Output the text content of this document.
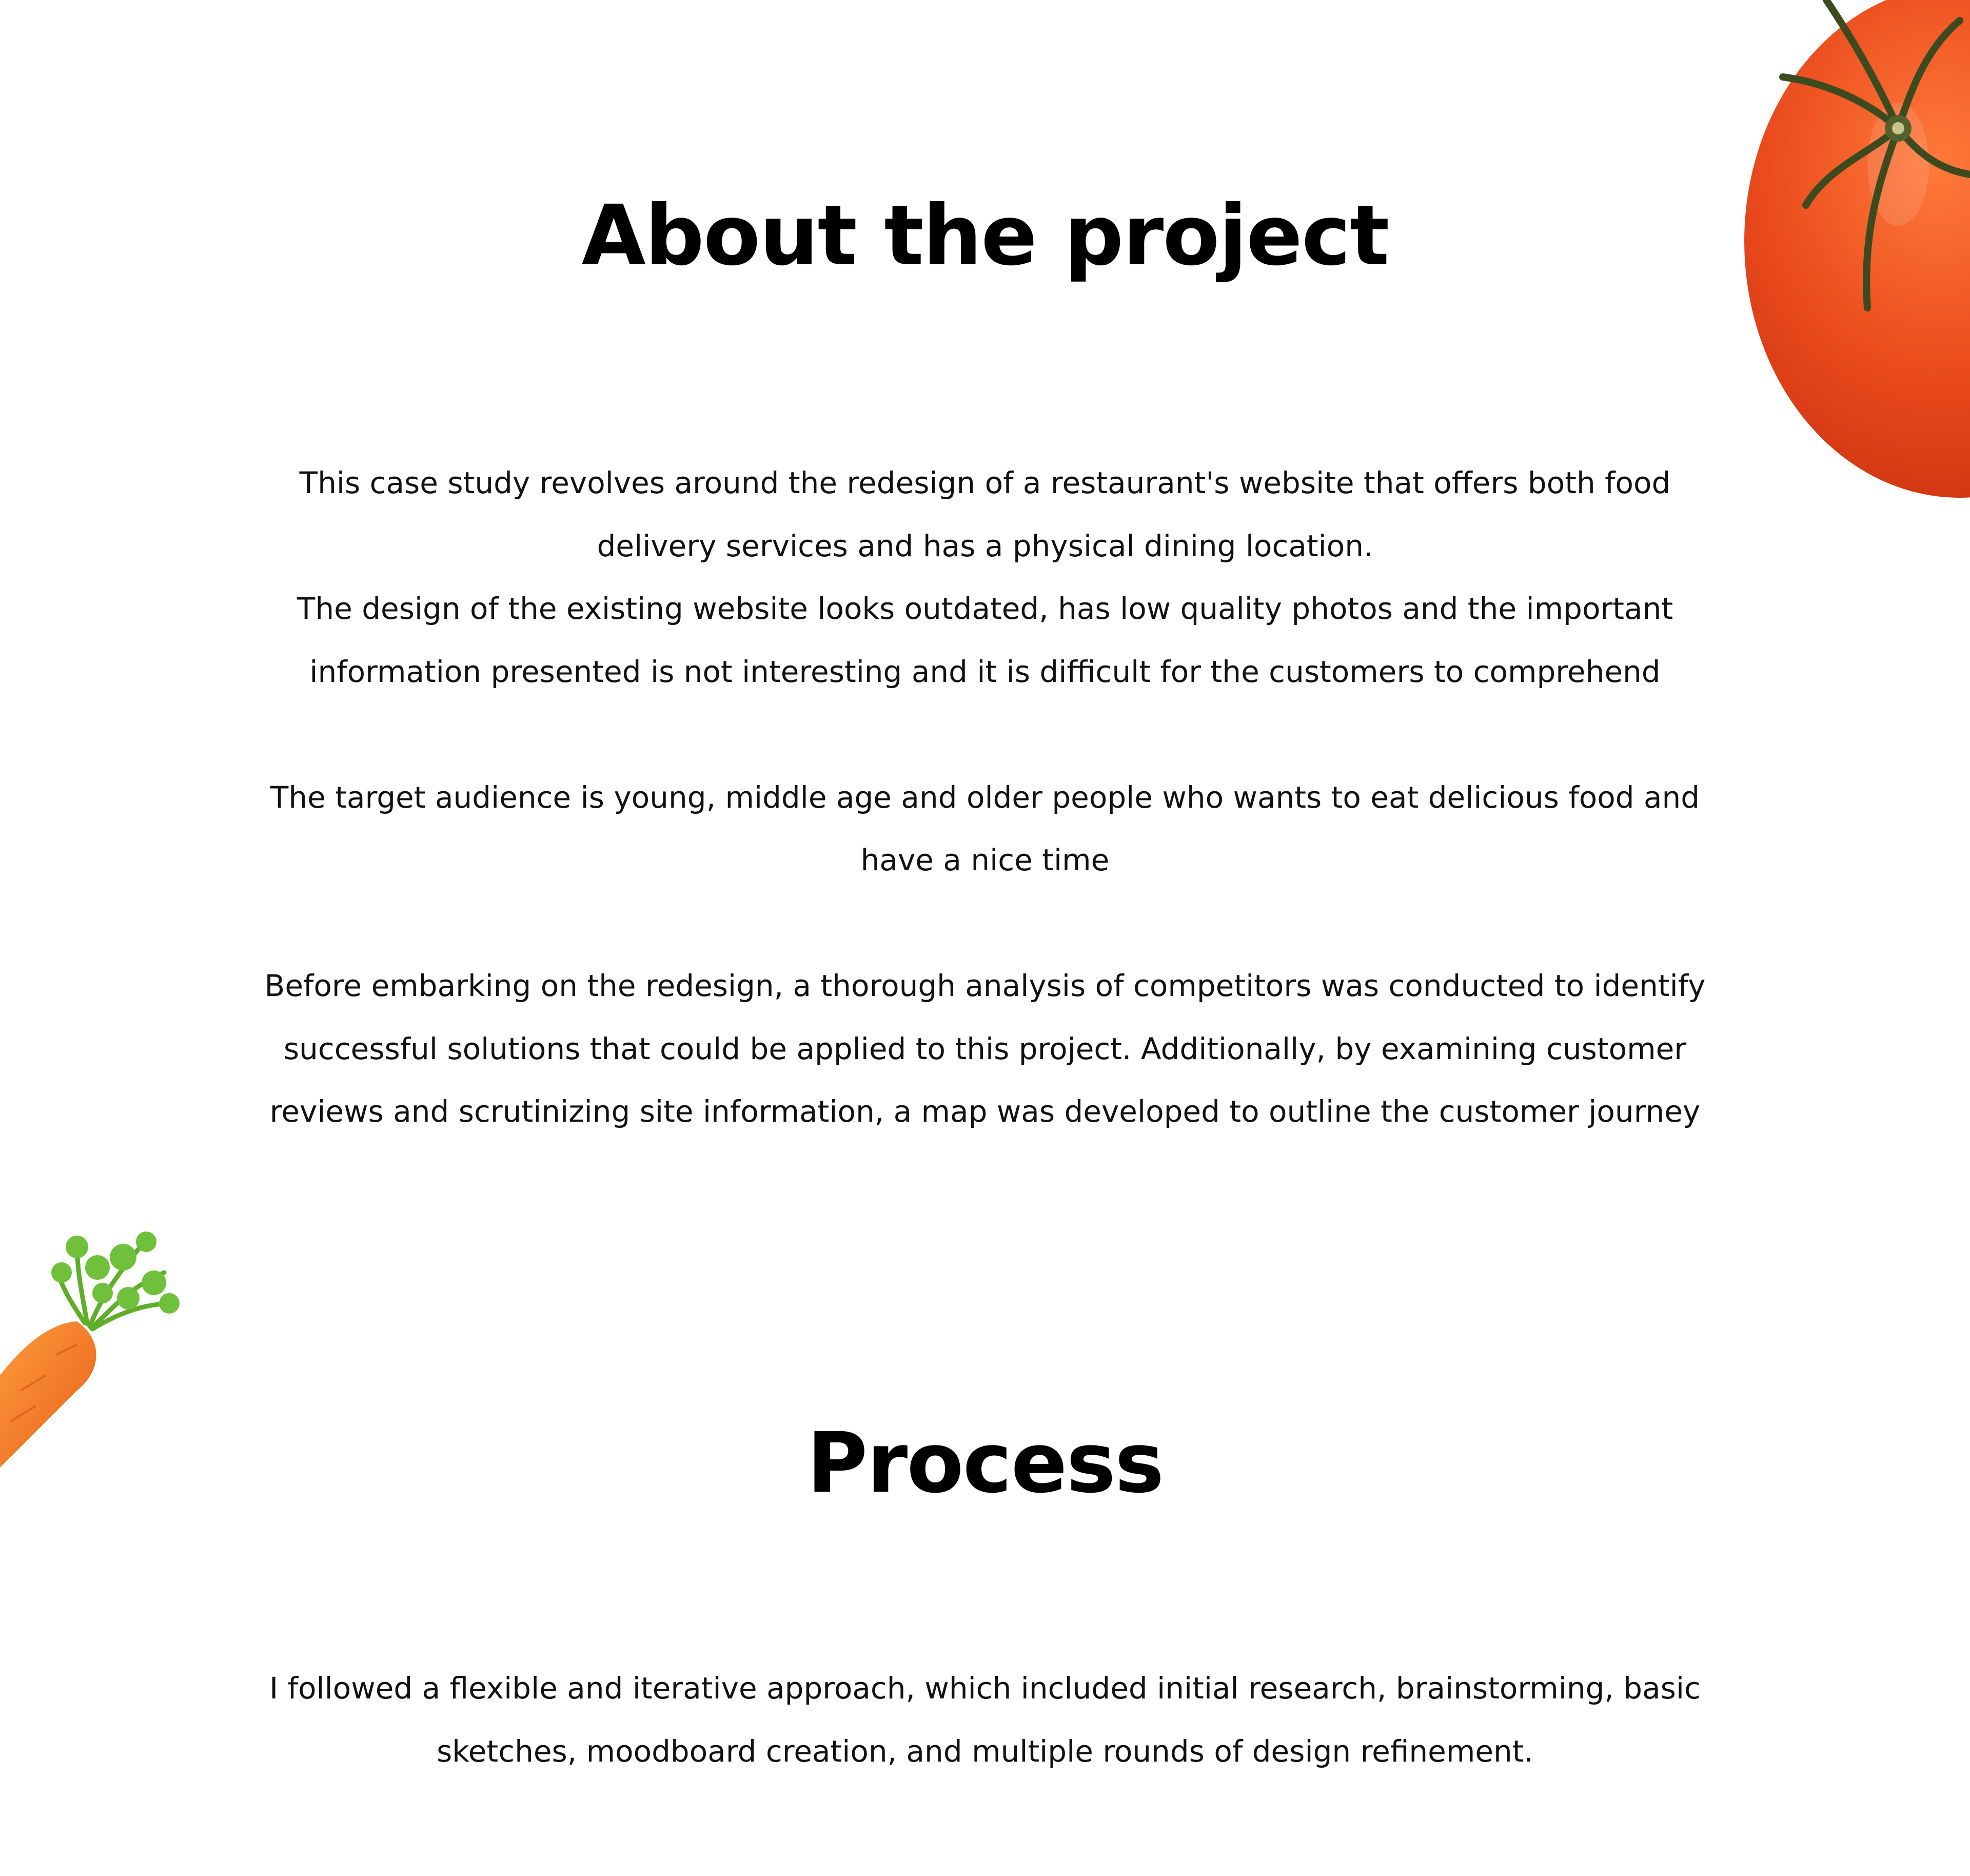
About the project

This case study revolves around the redesign of a restaurant's website that offers both food
delivery services and has a physical dining location.
The design of the existing website looks outdated, has low quality photos and the important
information presented is not interesting and it is difficult for the customers to comprehend

The target audience is young, middle age and older people who wants to eat delicious food and
have a nice time

Before embarking on the redesign, a thorough analysis of competitors was conducted to identify
successful solutions that could be applied to this project. Additionally, by examining customer
reviews and scrutinizing site information, a map was developed to outline the customer journey

Process

I followed a flexible and iterative approach, which included initial research, brainstorming, basic
sketches, moodboard creation, and multiple rounds of design refinement.
